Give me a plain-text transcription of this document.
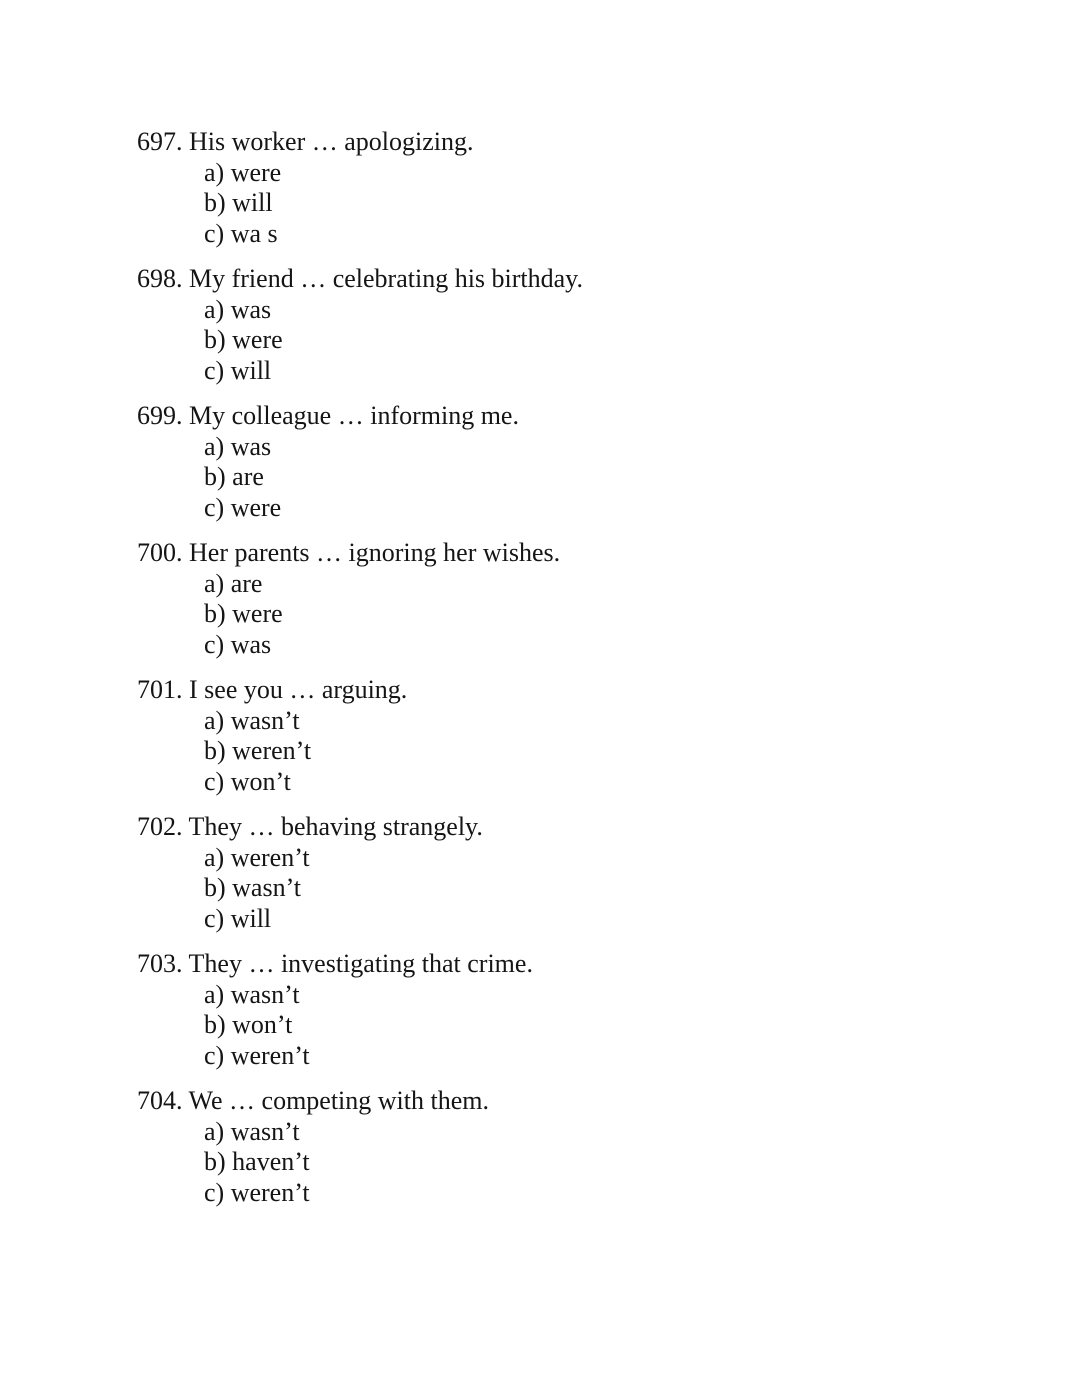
697. His worker … apologizing.
a) were
b) will
c) wa s
698. My friend … celebrating his birthday.
a) was
b) were
c) will
699. My colleague … informing me.
a) was
b) are
c) were
700. Her parents … ignoring her wishes.
a) are
b) were
c) was
701. I see you … arguing.
a) wasn’t
b) weren’t
c) won’t
702. They … behaving strangely.
a) weren’t
b) wasn’t
c) will
703. They … investigating that crime.
a) wasn’t
b) won’t
c) weren’t
704. We … competing with them.
a) wasn’t
b) haven’t
c) weren’t
